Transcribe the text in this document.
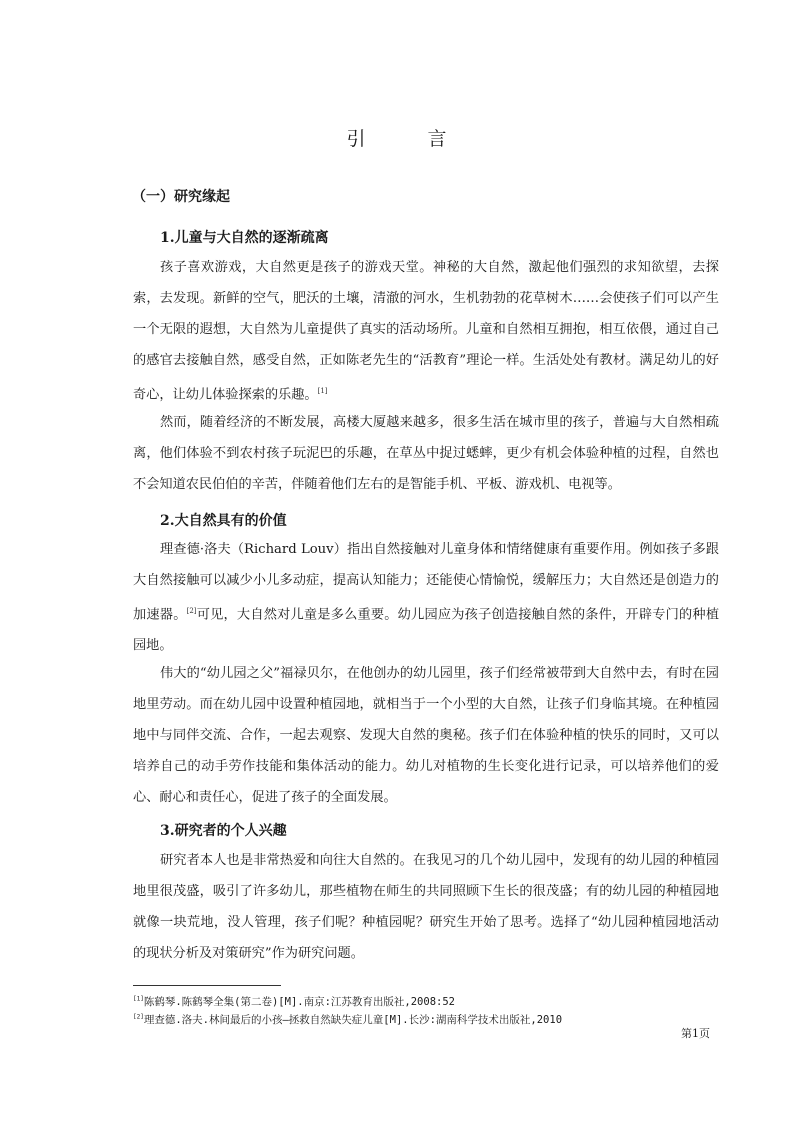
引 言
（一）研究缘起
1.儿童与大自然的逐渐疏离

孩子喜欢游戏，大自然更是孩子的游戏天堂。神秘的大自然，激起他们强烈的求知欲望，去探索，去发现。新鲜的空气，肥沃的土壤，清澈的河水，生机勃勃的花草树木……会使孩子们可以产生一个无限的遐想，大自然为儿童提供了真实的活动场所。儿童和自然相互拥抱，相互依偎，通过自己的感官去接触自然，感受自然，正如陈老先生的“活教育”理论一样。生活处处有教材。满足幼儿的好奇心，让幼儿体验探索的乐趣。[1]

然而，随着经济的不断发展，高楼大厦越来越多，很多生活在城市里的孩子，普遍与大自然相疏离，他们体验不到农村孩子玩泥巴的乐趣，在草丛中捉过蟋蟀，更少有机会体验种植的过程，自然也不会知道农民伯伯的辛苦，伴随着他们左右的是智能手机、平板、游戏机、电视等。

2.大自然具有的价值

理查德·洛夫（Richard Louv）指出自然接触对儿童身体和情绪健康有重要作用。例如孩子多跟大自然接触可以减少小儿多动症，提高认知能力；还能使心情愉悦，缓解压力；大自然还是创造力的加速器。[2]可见，大自然对儿童是多么重要。幼儿园应为孩子创造接触自然的条件，开辟专门的种植园地。

伟大的“幼儿园之父”福禄贝尔，在他创办的幼儿园里，孩子们经常被带到大自然中去，有时在园地里劳动。而在幼儿园中设置种植园地，就相当于一个小型的大自然，让孩子们身临其境。在种植园地中与同伴交流、合作，一起去观察、发现大自然的奥秘。孩子们在体验种植的快乐的同时，又可以培养自己的动手劳作技能和集体活动的能力。幼儿对植物的生长变化进行记录，可以培养他们的爱心、耐心和责任心，促进了孩子的全面发展。

3.研究者的个人兴趣

研究者本人也是非常热爱和向往大自然的。在我见习的几个幼儿园中，发现有的幼儿园的种植园地里很茂盛，吸引了许多幼儿，那些植物在师生的共同照顾下生长的很茂盛；有的幼儿园的种植园地就像一块荒地，没人管理，孩子们呢？种植园呢？研究生开始了思考。选择了“幼儿园种植园地活动的现状分析及对策研究”作为研究问题。

[1]陈鹤琴.陈鹤琴全集(第二卷)[M].南京:江苏教育出版社,2008:52
[2]理查德.洛夫.林间最后的小孩—拯救自然缺失症儿童[M].长沙:湖南科学技术出版社,2010
第1页
